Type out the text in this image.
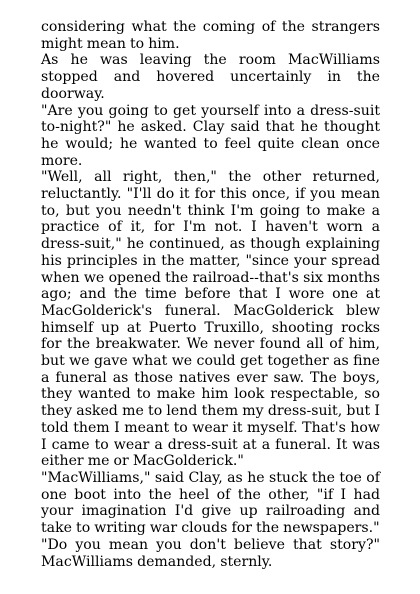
considering what the coming of the strangers might mean to him.

As he was leaving the room MacWilliams stopped and hovered uncertainly in the doorway.

"Are you going to get yourself into a dress-suit to-night?" he asked. Clay said that he thought he would; he wanted to feel quite clean once more.

"Well, all right, then," the other returned, reluctantly. "I'll do it for this once, if you mean to, but you needn't think I'm going to make a practice of it, for I'm not. I haven't worn a dress-suit," he continued, as though explaining his principles in the matter, "since your spread when we opened the railroad--that's six months ago; and the time before that I wore one at MacGolderick's funeral. MacGolderick blew himself up at Puerto Truxillo, shooting rocks for the breakwater. We never found all of him, but we gave what we could get together as fine a funeral as those natives ever saw. The boys, they wanted to make him look respectable, so they asked me to lend them my dress-suit, but I told them I meant to wear it myself. That's how I came to wear a dress-suit at a funeral. It was either me or MacGolderick."

"MacWilliams," said Clay, as he stuck the toe of one boot into the heel of the other, "if I had your imagination I'd give up railroading and take to writing war clouds for the newspapers."

"Do you mean you don't believe that story?" MacWilliams demanded, sternly.
